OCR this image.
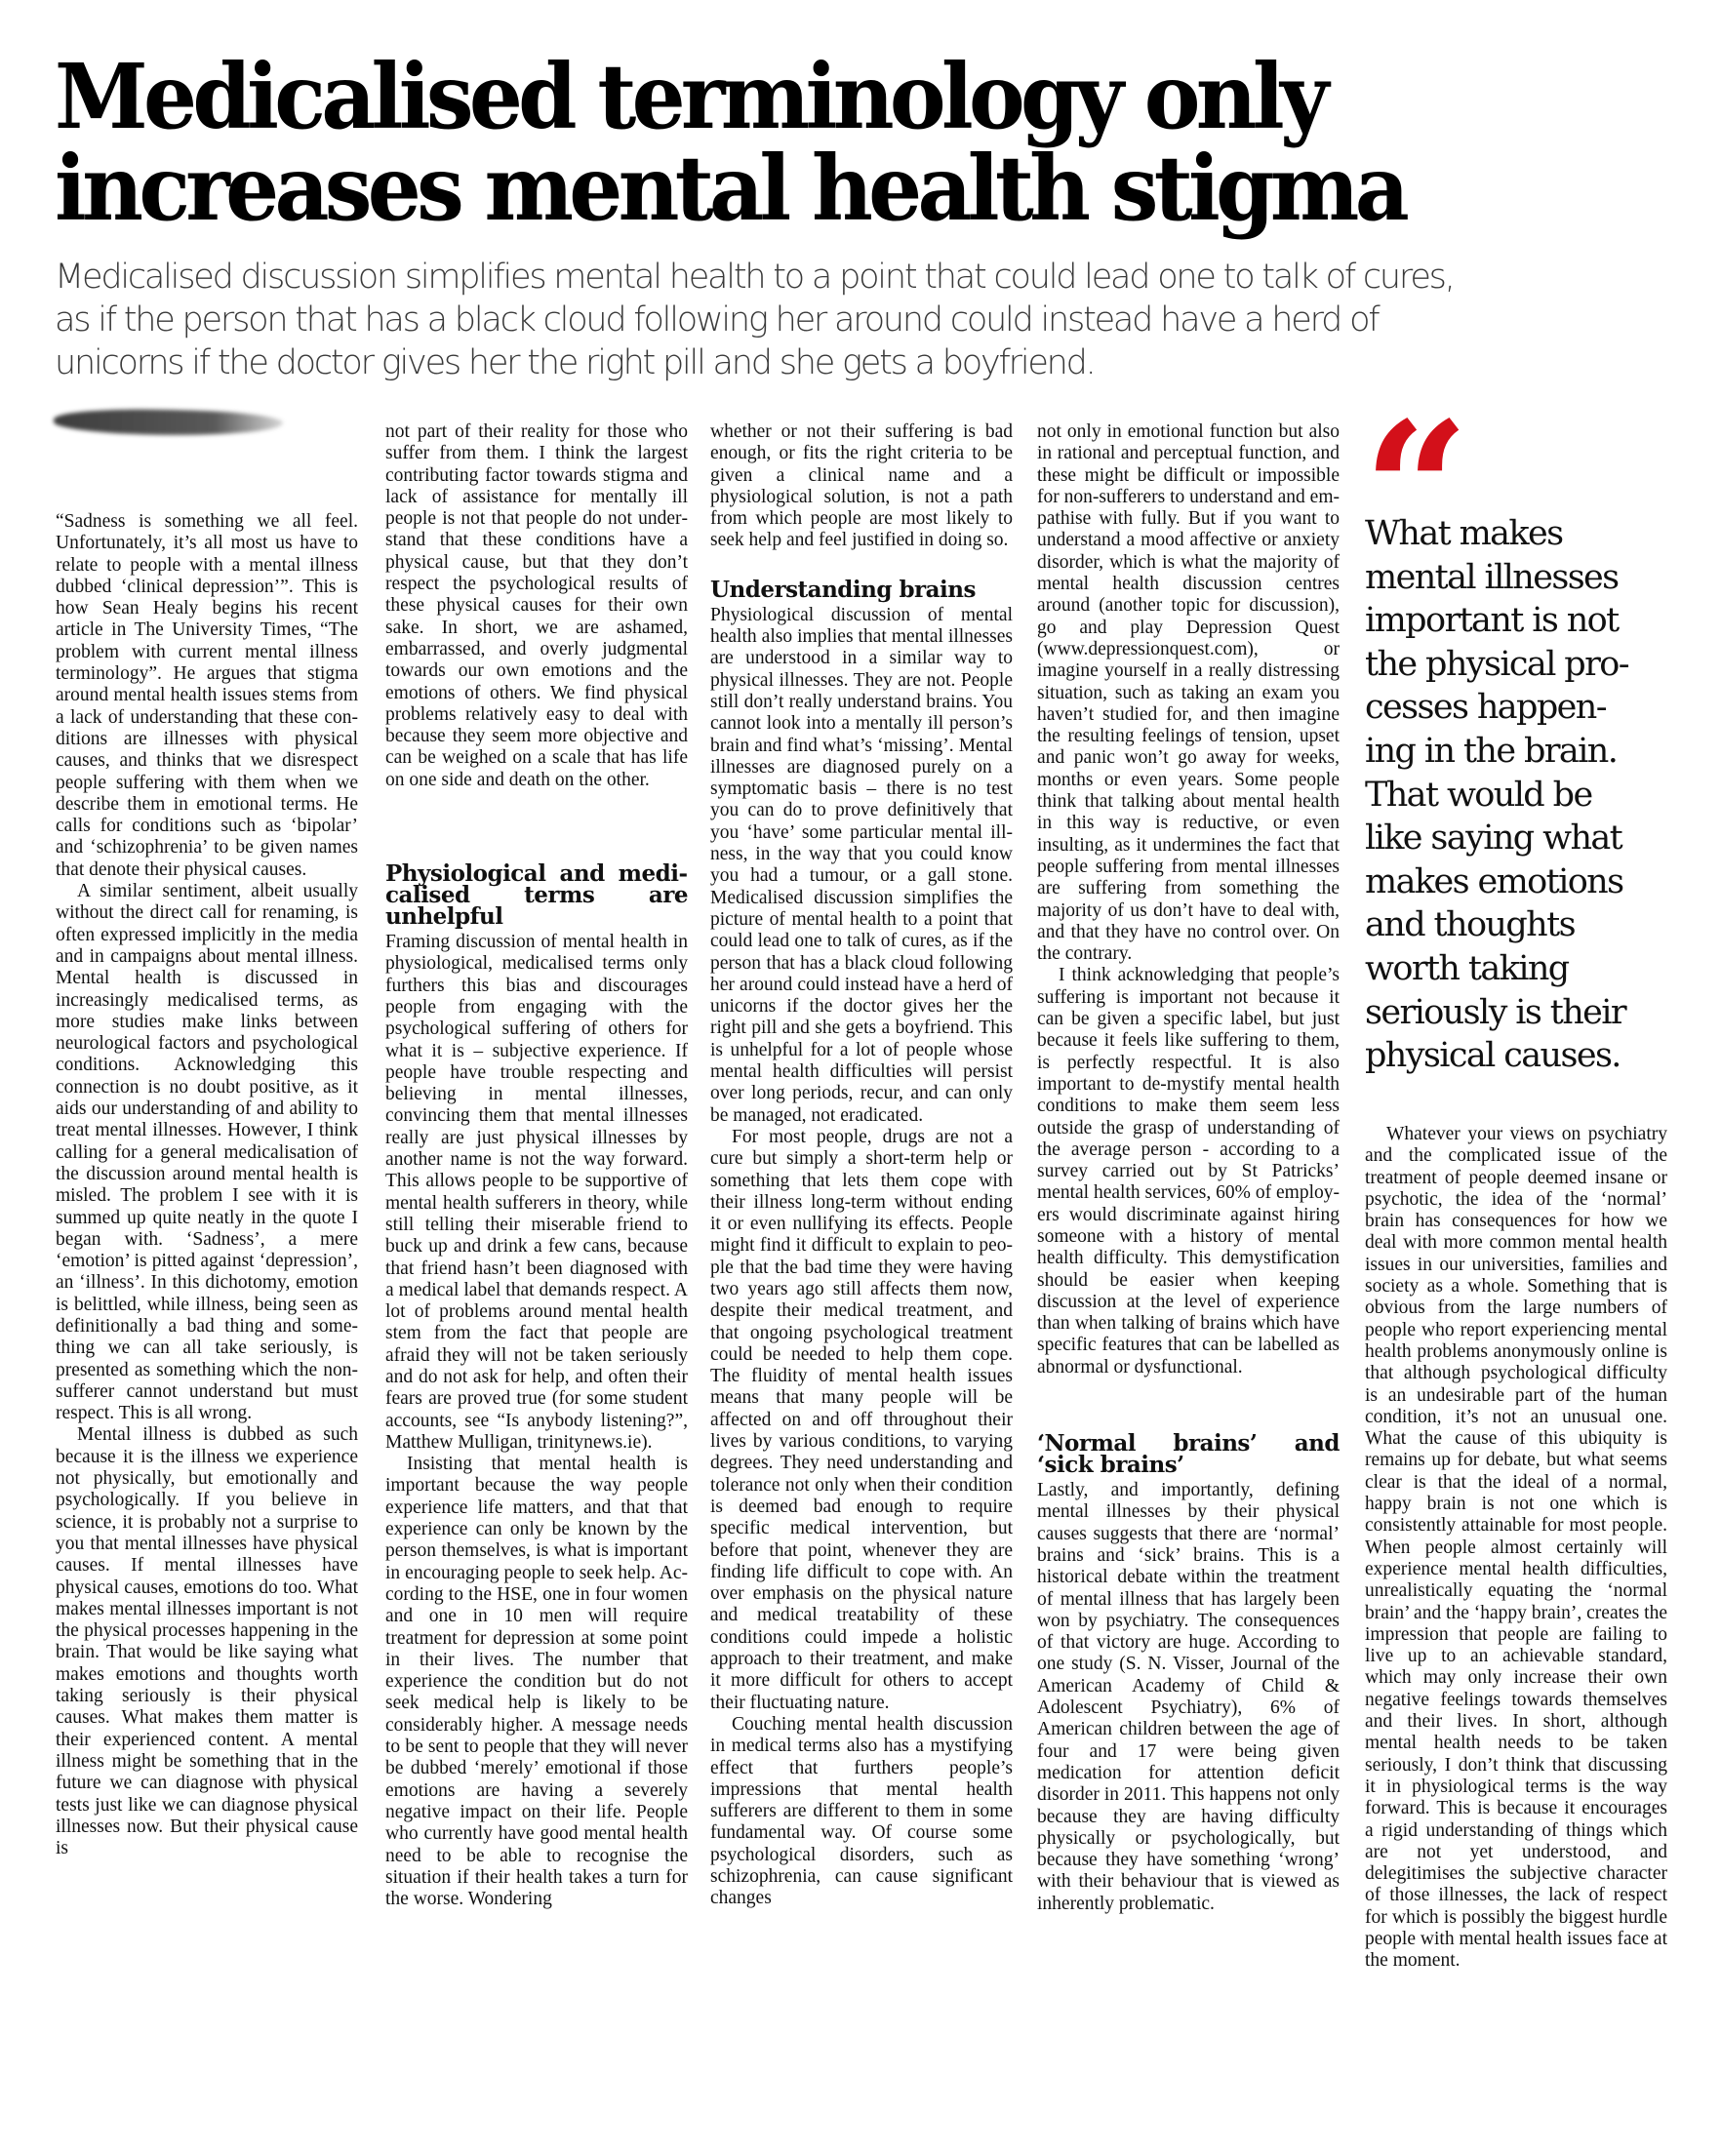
Medicalised terminology only
increases mental health stigma
Medicalised discussion simplifies mental health to a point that could lead one to talk of cures,
as if the person that has a black cloud following her around could instead have a herd of
unicorns if the doctor gives her the right pill and she gets a boyfriend.

“Sadness is something we all feel. Unfortunately, it’s all most us have to relate to people with a mental illness dubbed ‘clinical depression’”. This is how Sean Healy begins his recent article in The University Times, “The problem with current mental illness terminology”. He argues that stigma around mental health issues stems from a lack of understanding that these conditions are illnesses with physical causes, and thinks that we disrespect people suffering with them when we describe them in emotional terms. He calls for conditions such as ‘bipolar’ and ‘schizophrenia’ to be given names that denote their physical causes.

A similar sentiment, albeit usually without the direct call for renaming, is often expressed implicitly in the media and in campaigns about mental illness. Mental health is discussed in increasingly medicalised terms, as more studies make links between neurological factors and psychological conditions. Acknowledging this connection is no doubt positive, as it aids our understanding of and ability to treat mental illnesses. However, I think calling for a general medicalisation of the discussion around mental health is misled. The problem I see with it is summed up quite neatly in the quote I began with. ‘Sadness’, a mere ‘emotion’ is pitted against ‘depression’, an ‘illness’. In this dichotomy, emotion is belittled, while illness, being seen as definitionally a bad thing and something we can all take seriously, is presented as something which the non-sufferer cannot understand but must respect. This is all wrong.

Mental illness is dubbed as such because it is the illness we experience not physically, but emotionally and psychologically. If you believe in science, it is probably not a surprise to you that mental illnesses have physical causes. If mental illnesses have physical causes, emotions do too. What makes mental illnesses important is not the physical processes happening in the brain. That would be like saying what makes emotions and thoughts worth taking seriously is their physical causes. What makes them matter is their experienced content. A mental illness might be something that in the future we can diagnose with physical tests just like we can diagnose physical illnesses now. But their physical cause is

not part of their reality for those who suffer from them. I think the largest contributing factor towards stigma and lack of assistance for mentally ill people is not that people do not understand that these conditions have a physical cause, but that they don’t respect the psychological results of these physical causes for their own sake. In short, we are ashamed, embarrassed, and overly judgmental towards our own emotions and the emotions of others. We find physical problems relatively easy to deal with because they seem more objective and can be weighed on a scale that has life on one side and death on the other.

Physiological and medicalised terms are unhelpful

Framing discussion of mental health in physiological, medicalised terms only furthers this bias and discourages people from engaging with the psychological suffering of others for what it is – subjective experience. If people have trouble respecting and believing in mental illnesses, convincing them that mental illnesses really are just physical illnesses by another name is not the way forward. This allows people to be supportive of mental health sufferers in theory, while still telling their miserable friend to buck up and drink a few cans, because that friend hasn’t been diagnosed with a medical label that demands respect. A lot of problems around mental health stem from the fact that people are afraid they will not be taken seriously and do not ask for help, and often their fears are proved true (for some student accounts, see “Is anybody listening?”, Matthew Mulligan, trinitynews.ie).

Insisting that mental health is important because the way people experience life matters, and that that experience can only be known by the person themselves, is what is important in encouraging people to seek help. According to the HSE, one in four women and one in 10 men will require treatment for depression at some point in their lives. The number that experience the condition but do not seek medical help is likely to be considerably higher. A message needs to be sent to people that they will never be dubbed ‘merely’ emotional if those emotions are having a severely negative impact on their life. People who currently have good mental health need to be able to recognise the situation if their health takes a turn for the worse. Wondering

whether or not their suffering is bad enough, or fits the right criteria to be given a clinical name and a physiological solution, is not a path from which people are most likely to seek help and feel justified in doing so.

Understanding brains

Physiological discussion of mental health also implies that mental illnesses are understood in a similar way to physical illnesses. They are not. People still don’t really understand brains. You cannot look into a mentally ill person’s brain and find what’s ‘missing’. Mental illnesses are diagnosed purely on a symptomatic basis – there is no test you can do to prove definitively that you ‘have’ some particular mental illness, in the way that you could know you had a tumour, or a gall stone. Medicalised discussion simplifies the picture of mental health to a point that could lead one to talk of cures, as if the person that has a black cloud following her around could instead have a herd of unicorns if the doctor gives her the right pill and she gets a boyfriend. This is unhelpful for a lot of people whose mental health difficulties will persist over long periods, recur, and can only be managed, not eradicated.

For most people, drugs are not a cure but simply a short-term help or something that lets them cope with their illness long-term without ending it or even nullifying its effects. People might find it difficult to explain to people that the bad time they were having two years ago still affects them now, despite their medical treatment, and that ongoing psychological treatment could be needed to help them cope. The fluidity of mental health issues means that many people will be affected on and off throughout their lives by various conditions, to varying degrees. They need understanding and tolerance not only when their condition is deemed bad enough to require specific medical intervention, but before that point, whenever they are finding life difficult to cope with. An over emphasis on the physical nature and medical treatability of these conditions could impede a holistic approach to their treatment, and make it more difficult for others to accept their fluctuating nature.

Couching mental health discussion in medical terms also has a mystifying effect that furthers people’s impressions that mental health sufferers are different to them in some fundamental way. Of course some psychological disorders, such as schizophrenia, can cause significant changes

not only in emotional function but also in rational and perceptual function, and these might be difficult or impossible for non-sufferers to understand and empathise with fully. But if you want to understand a mood affective or anxiety disorder, which is what the majority of mental health discussion centres around (another topic for discussion), go and play Depression Quest (www.depressionquest.com), or imagine yourself in a really distressing situation, such as taking an exam you haven’t studied for, and then imagine the resulting feelings of tension, upset and panic won’t go away for weeks, months or even years. Some people think that talking about mental health in this way is reductive, or even insulting, as it undermines the fact that people suffering from mental illnesses are suffering from something the majority of us don’t have to deal with, and that they have no control over. On the contrary.

I think acknowledging that people’s suffering is important not because it can be given a specific label, but just because it feels like suffering to them, is perfectly respectful. It is also important to de-mystify mental health conditions to make them seem less outside the grasp of understanding of the average person - according to a survey carried out by St Patricks’ mental health services, 60% of employers would discriminate against hiring someone with a history of mental health difficulty. This demystification should be easier when keeping discussion at the level of experience than when talking of brains which have specific features that can be labelled as abnormal or dysfunctional.

‘Normal brains’ and ‘sick brains’

Lastly, and importantly, defining mental illnesses by their physical causes suggests that there are ‘normal’ brains and ‘sick’ brains. This is a historical debate within the treatment of mental illness that has largely been won by psychiatry. The consequences of that victory are huge. According to one study (S. N. Visser, Journal of the American Academy of Child & Adolescent Psychiatry), 6% of American children between the age of four and 17 were being given medication for attention deficit disorder in 2011. This happens not only because they are having difficulty physically or psychologically, but because they have something ‘wrong’ with their behaviour that is viewed as inherently problematic.

What makes
mental illnesses
important is not
the physical pro-
cesses happen-
ing in the brain.
That would be
like saying what
makes emotions
and thoughts
worth taking
seriously is their
physical causes.

Whatever your views on psychiatry and the complicated issue of the treatment of people deemed insane or psychotic, the idea of the ‘normal’ brain has consequences for how we deal with more common mental health issues in our universities, families and society as a whole. Something that is obvious from the large numbers of people who report experiencing mental health problems anonymously online is that although psychological difficulty is an undesirable part of the human condition, it’s not an unusual one. What the cause of this ubiquity is remains up for debate, but what seems clear is that the ideal of a normal, happy brain is not one which is consistently attainable for most people. When people almost certainly will experience mental health difficulties, unrealistically equating the ‘normal brain’ and the ‘happy brain’, creates the impression that people are failing to live up to an achievable standard, which may only increase their own negative feelings towards themselves and their lives. In short, although mental health needs to be taken seriously, I don’t think that discussing it in physiological terms is the way forward. This is because it encourages a rigid understanding of things which are not yet understood, and delegitimises the subjective character of those illnesses, the lack of respect for which is possibly the biggest hurdle people with mental health issues face at the moment.
